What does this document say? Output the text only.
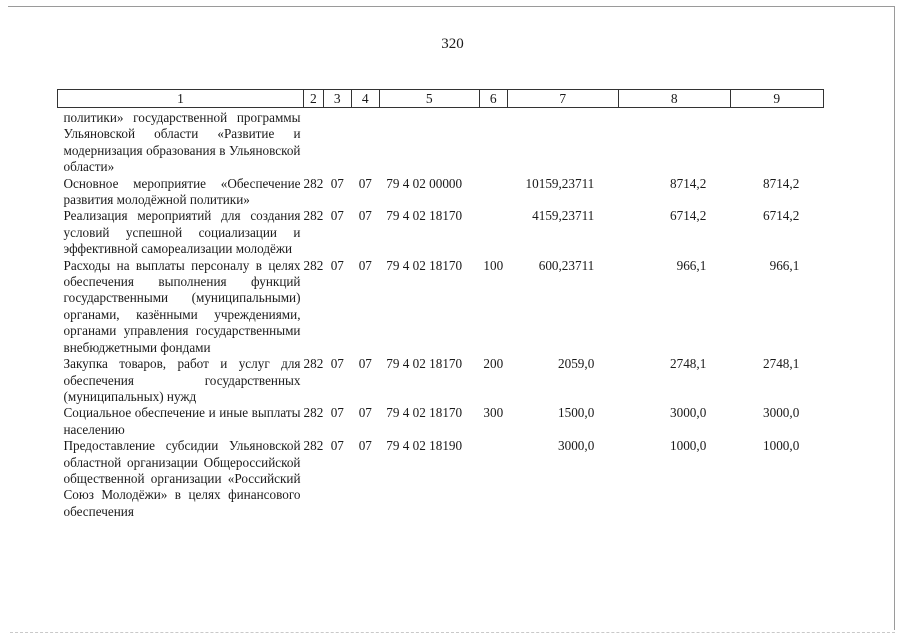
320
1	2	3	4	5	6	7	8	9
политики» государственной программы Ульяновской области «Развитие и модернизация образования в Ульяновской области»								
Основное мероприятие «Обеспечение развития молодёжной политики»	282	07	07	79 4 02 00000		10159,23711	8714,2	8714,2
Реализация мероприятий для создания условий успешной социализации и эффективной самореализации молодёжи	282	07	07	79 4 02 18170		4159,23711	6714,2	6714,2
Расходы на выплаты персоналу в целях обеспечения выполнения функций государственными (муниципальными) органами, казёнными учреждениями, органами управления государственными внебюджетными фондами	282	07	07	79 4 02 18170	100	600,23711	966,1	966,1
Закупка товаров, работ и услуг для обеспечения государственных (муниципальных) нужд	282	07	07	79 4 02 18170	200	2059,0	2748,1	2748,1
Социальное обеспечение и иные выплаты населению	282	07	07	79 4 02 18170	300	1500,0	3000,0	3000,0
Предоставление субсидии Ульяновской областной организации Общероссийской общественной организации «Российский Союз Молодёжи» в целях финансового обеспечения	282	07	07	79 4 02 18190		3000,0	1000,0	1000,0
